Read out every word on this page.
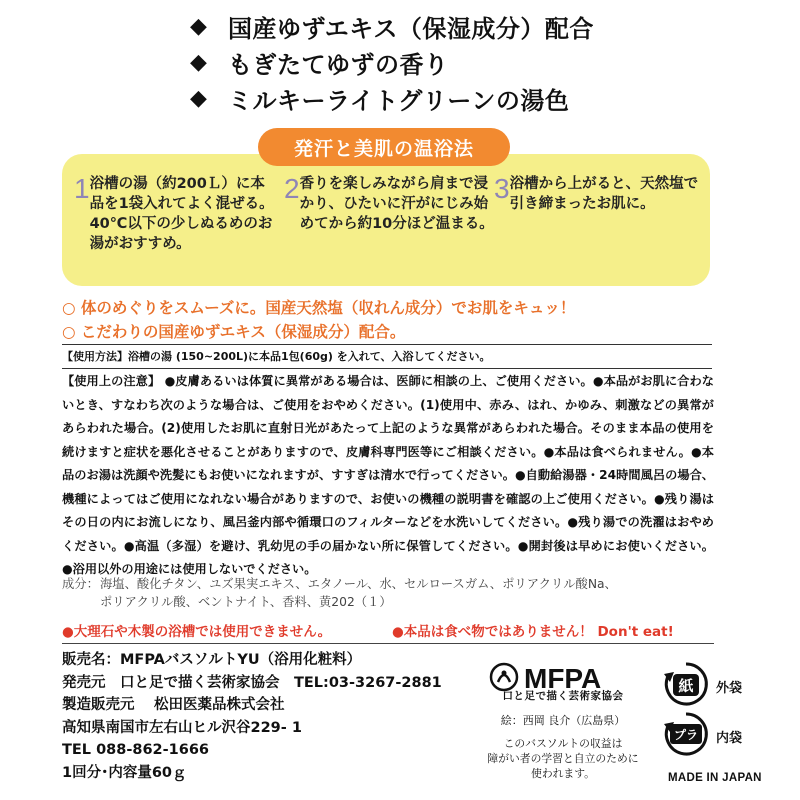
◆ 国産ゆずエキス（保湿成分）配合
◆ もぎたてゆずの香り
◆ ミルキーライトグリーンの湯色
1 浴槽の湯（約200Ｌ）に本品を1袋入れてよく混ぜる。40℃以下の少しぬるめのお湯がおすすめ。
2 香りを楽しみながら肩まで浸かり、ひたいに汗がにじみ始めてから約10分ほど温まる。
3 浴槽から上がると、天然塩で引き締まったお肌に。
発汗と美肌の温浴法
○ 体のめぐりをスムーズに。国産天然塩（収れん成分）でお肌をキュッ！
○ こだわりの国産ゆずエキス（保湿成分）配合。
【使用方法】浴槽の湯 (150~200L)に本品1包(60g) を入れて、入浴してください。
【使用上の注意】 ●皮膚あるいは体質に異常がある場合は、医師に相談の上、ご使用ください。●本品がお肌に合わないとき、すなわち次のような場合は、ご使用をおやめください。(1)使用中、赤み、はれ、かゆみ、刺激などの異常があらわれた場合。(2)使用したお肌に直射日光があたって上記のような異常があらわれた場合。そのまま本品の使用を続けますと症状を悪化させることがありますので、皮膚科専門医等にご相談ください。●本品は食べられません。●本品のお湯は洗顔や洗髪にもお使いになれますが、すすぎは清水で行ってください。●自動給湯器・24時間風呂の場合、機種によってはご使用になれない場合がありますので、お使いの機種の説明書を確認の上ご使用ください。●残り湯はその日の内にお流しになり、風呂釜内部や循環口のフィルターなどを水洗いしてください。●残り湯での洗濯はおやめください。●高温（多湿）を避け、乳幼児の手の届かない所に保管してください。●開封後は早めにお使いください。●浴用以外の用途には使用しないでください。
成分： 海塩、酸化チタン、ユズ果実エキス、エタノール、水、セルロースガム、ポリアクリル酸Na、
ポリアクリル酸、ベントナイト、香料、黄202（１）
●大理石や木製の浴槽では使用できません。	●本品は食べ物ではありません！ Don't eat!
販売名：MFPAバスソルトYU（浴用化粧料）
発売元　口と足で描く芸術家協会　TEL:03-3267-2881
製造販売元　 松田医薬品株式会社
高知県南国市左右山ヒル沢谷229- 1
TEL 088-862-1666
1回分･内容量60ｇ
MFPA
口と足で描く芸術家協会
絵：西岡 良介（広島県）
このバスソルトの収益は
障がい者の学習と自立のために
使われます。
紙 外袋
プラ 内袋
MADE IN JAPAN
